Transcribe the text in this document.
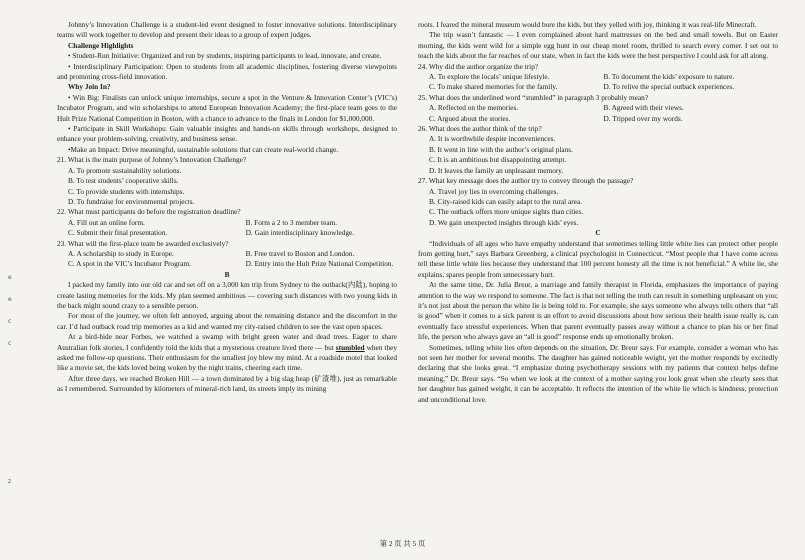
e
e
c
c
z

Johnny’s Innovation Challenge is a student-led event designed to foster innovative solutions. Interdisciplinary teams will work together to develop and present their ideas to a group of expert judges.

Challenge Highlights

• Student-Run Initiative: Organized and run by students, inspiring participants to lead, innovate, and create.

• Interdisciplinary Participation: Open to students from all academic disciplines, fostering diverse viewpoints and promoting cross-field innovation.

Why Join In?

• Win Big: Finalists can unlock unique internships, secure a spot in the Venture & Innovation Center’s (VIC’s) Incubator Program, and win scholarships to attend European Innovation Academy; the first-place team goes to the Hult Prize National Competition in Boston, with a chance to advance to the finals in London for $1,000,000.

• Participate in Skill Workshops: Gain valuable insights and hands-on skills through workshops, designed to enhance your problem-solving, creativity, and business sense.

•Make an Impact: Drive meaningful, sustainable solutions that can create real-world change.

21. What is the main purpose of Johnny’s Innovation Challenge?

A. To promote sustainability solutions.
B. To test students’ cooperative skills.
C. To provide students with internships.
D. To fundraise for environmental projects.

22. What must participants do before the registration deadline?

A. Fill out an online form.	B. Form a 2 to 3 member team.
C. Submit their final presentation.	D. Gain interdisciplinary knowledge.

23. What will the first-place team be awarded exclusively?

A. A scholarship to study in Europe.	B. Free travel to Boston and London.
C. A spot in the VIC’s Incubator Program.	D. Entry into the Hult Prize National Competition.

B

I packed my family into our old car and set off on a 3,000 km trip from Sydney to the outback(内陆), hoping to create lasting memories for the kids. My plan seemed ambitious — covering such distances with two young kids in the back might sound crazy to a sensible person.

For most of the journey, we often felt annoyed, arguing about the remaining distance and the discomfort in the car. I’d had outback road trip memories as a kid and wanted my city-raised children to see the vast open spaces.

At a bird-hide near Forbes, we watched a swamp with bright green water and dead trees. Eager to share Australian folk stories, I confidently told the kids that a mysterious creature lived there — but stumbled when they asked me follow-up questions. Their enthusiasm for the smallest joy blew my mind. At a roadside motel that looked like a movie set, the kids loved being woken by the night trains, cheering each time.

After three days, we reached Broken Hill — a town dominated by a big slag heap (矿渣堆), just as remarkable as I remembered. Surrounded by kilometers of mineral-rich land, its streets imply its mining

roots. I feared the mineral museum would bore the kids, but they yelled with joy, thinking it was real-life Minecraft.

The trip wasn’t fantastic — I even complained about hard mattresses on the bed and small towels. But on Easter morning, the kids went wild for a simple egg hunt in our cheap motel room, thrilled to search every corner. I set out to teach the kids about the far reaches of our state, when in fact the kids were the best perspective I could ask for all along.

24. Why did the author organize the trip?

A. To explore the locals’ unique lifestyle.	B. To document the kids’ exposure to nature.
C. To make shared memories for the family.	D. To relive the special outback experiences.

25. What does the underlined word “stumbled” in paragraph 3 probably mean?

A. Reflected on the memories.	B. Agreed with their views.
C. Argued about the stories.	D. Tripped over my words.

26. What does the author think of the trip?

A. It is worthwhile despite inconveniences.
B. It went in line with the author’s original plans.
C. It is an ambitious but disappointing attempt.
D. It leaves the family an unpleasant memory.

27. What key message does the author try to convey through the passage?

A. Travel joy lies in overcoming challenges.
B. City-raised kids can easily adapt to the rural area.
C. The outback offers more unique sights than cities.
D. We gain unexpected insights through kids’ eyes.

C

“Individuals of all ages who have empathy understand that sometimes telling little white lies can protect other people from getting hurt,” says Barbara Greenberg, a clinical psychologist in Connecticut. “Most people that I have come across tell these little white lies because they understand that 100 percent honesty all the time is not beneficial.” A white lie, she explains, spares people from unnecessary hurt.

At the same time, Dr. Julia Breur, a marriage and family therapist in Florida, emphasizes the importance of paying attention to the way we respond to someone. The fact is that not telling the truth can result in something unpleasant on you; it’s not just about the person the white lie is being told to. For example, she says someone who always tells others that “all is good” when it comes to a sick parent is an effort to avoid discussions about how serious their health issue really is, can eventually face stressful experiences. When that parent eventually passes away without a chance to plan his or her final life, the person who always gave an “all is good” response ends up emotionally broken.

Sometimes, telling white lies often depends on the situation, Dr. Breur says. For example, consider a woman who has not seen her mother for several months. The daughter has gained noticeable weight, yet the mother responds by excitedly declaring that she looks great. “I emphasize during psychotherapy sessions with my patients that context helps define meaning,” Dr. Breur says. “So when we look at the context of a mother saying you look great when she clearly sees that her daughter has gained weight, it can be acceptable. It reflects the intention of the white lie which is kindness, protection and unconditional love.

第 2 页 共 5 页
